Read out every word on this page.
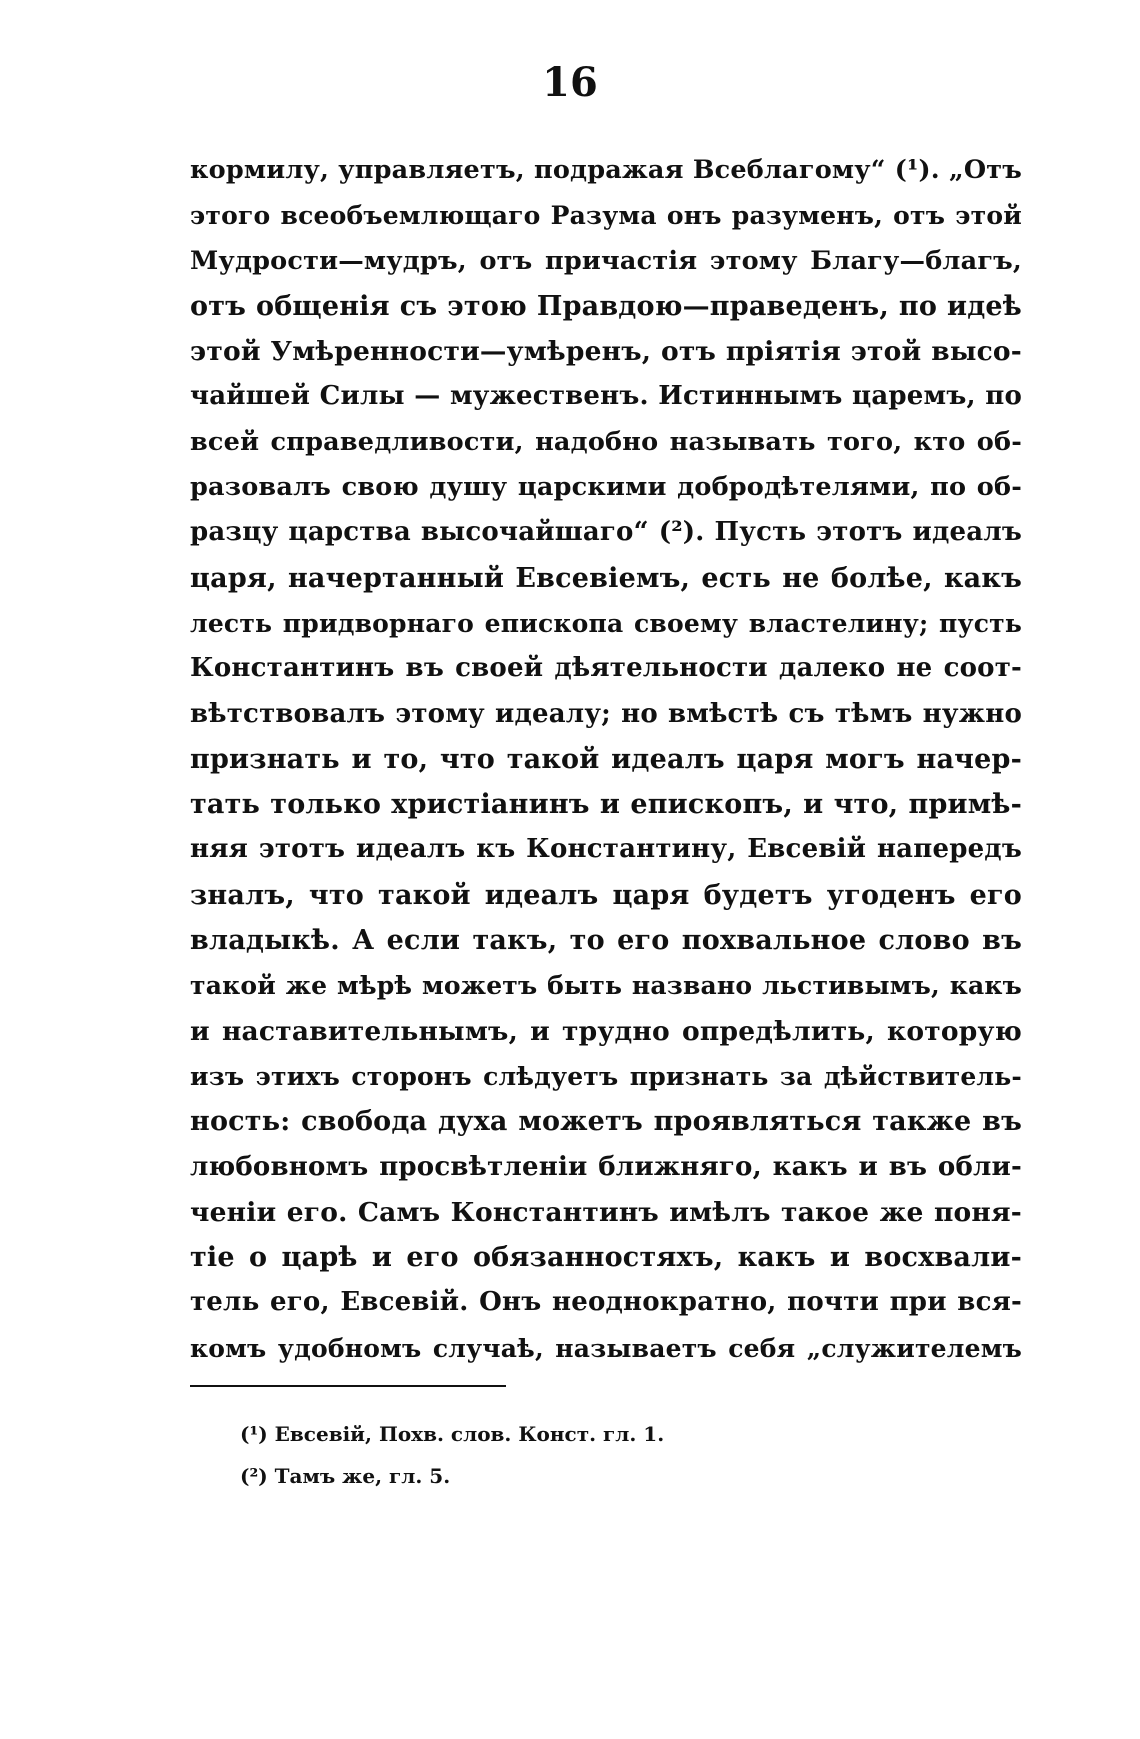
16
кормилу, управляетъ, подражая Всеблагому“ (¹). „Отъ
этого всеобъемлющаго Разума онъ разуменъ, отъ этой
Мудрости—мудръ, отъ причастія этому Благу—благъ,
отъ общенія съ этою Правдою—праведенъ, по идеѣ
этой Умѣренности—умѣренъ, отъ пріятія этой высо-
чайшей Силы — мужественъ. Истиннымъ царемъ, по
всей справедливости, надобно называть того, кто об-
разовалъ свою душу царскими добродѣтелями, по об-
разцу царства высочайшаго“ (²). Пусть этотъ идеалъ
царя, начертанный Евсевіемъ, есть не болѣе, какъ
лесть придворнаго епископа своему властелину; пусть
Константинъ въ своей дѣятельности далеко не соот-
вѣтствовалъ этому идеалу; но вмѣстѣ съ тѣмъ нужно
признать и то, что такой идеалъ царя могъ начер-
тать только христіанинъ и епископъ, и что, примѣ-
няя этотъ идеалъ къ Константину, Евсевій напередъ
зналъ, что такой идеалъ царя будетъ угоденъ его
владыкѣ. А если такъ, то его похвальное слово въ
такой же мѣрѣ можетъ быть названо льстивымъ, какъ
и наставительнымъ, и трудно опредѣлить, которую
изъ этихъ сторонъ слѣдуетъ признать за дѣйствитель-
ность: свобода духа можетъ проявляться также въ
любовномъ просвѣтленіи ближняго, какъ и въ обли-
ченіи его. Самъ Константинъ имѣлъ такое же поня-
тіе о царѣ и его обязанностяхъ, какъ и восхвали-
тель его, Евсевій. Онъ неоднократно, почти при вся-
комъ удобномъ случаѣ, называетъ себя „служителемъ
(¹) Евсевій, Похв. слов. Конст. гл. 1.
(²) Тамъ же, гл. 5.
